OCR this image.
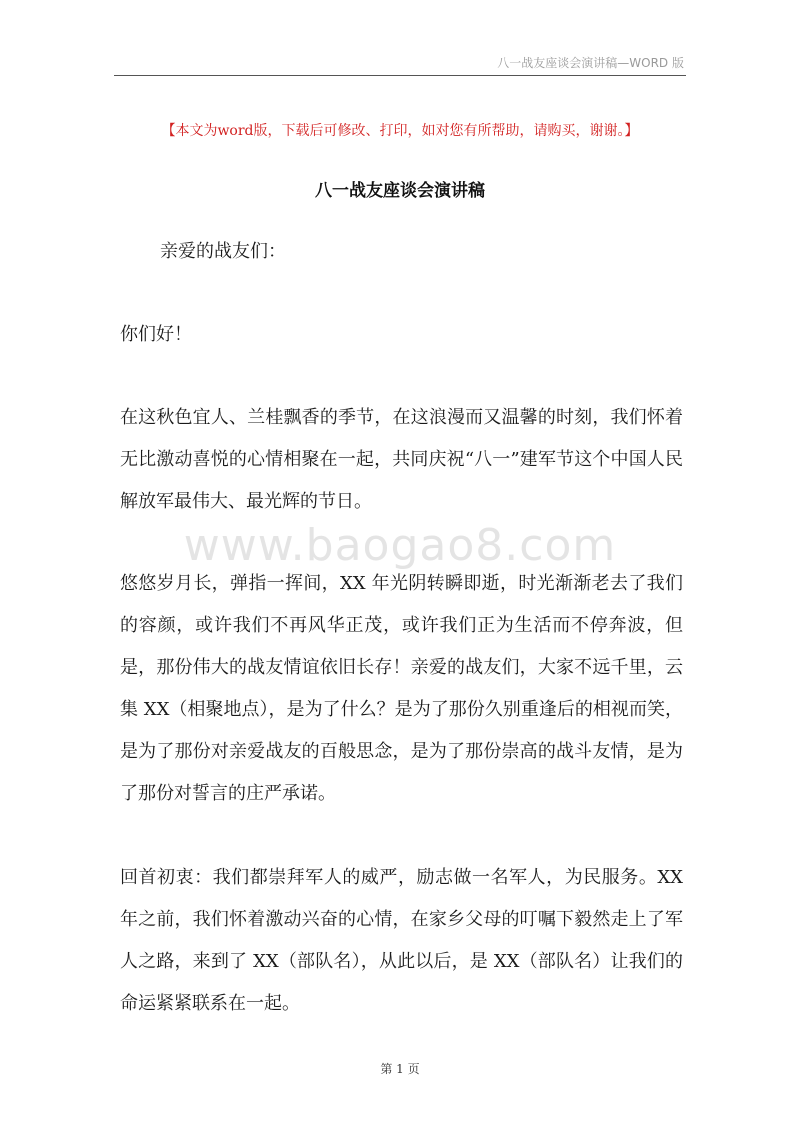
八一战友座谈会演讲稿—WORD 版
【本文为word版，下载后可修改、打印，如对您有所帮助，请购买，谢谢。】
八一战友座谈会演讲稿

亲爱的战友们：

你们好！

在这秋色宜人、兰桂飘香的季节，在这浪漫而又温馨的时刻，我们怀着无比激动喜悦的心情相聚在一起，共同庆祝“八一”建军节这个中国人民解放军最伟大、最光辉的节日。

悠悠岁月长，弹指一挥间，XX 年光阴转瞬即逝，时光渐渐老去了我们的容颜，或许我们不再风华正茂，或许我们正为生活而不停奔波，但是，那份伟大的战友情谊依旧长存！亲爱的战友们，大家不远千里，云集 XX（相聚地点），是为了什么？是为了那份久别重逢后的相视而笑，是为了那份对亲爱战友的百般思念，是为了那份崇高的战斗友情，是为了那份对誓言的庄严承诺。

回首初衷：我们都崇拜军人的威严，励志做一名军人，为民服务。XX 年之前，我们怀着激动兴奋的心情，在家乡父母的叮嘱下毅然走上了军人之路，来到了 XX（部队名），从此以后，是 XX（部队名）让我们的命运紧紧联系在一起。

www.baogao8.com
第 1 页
